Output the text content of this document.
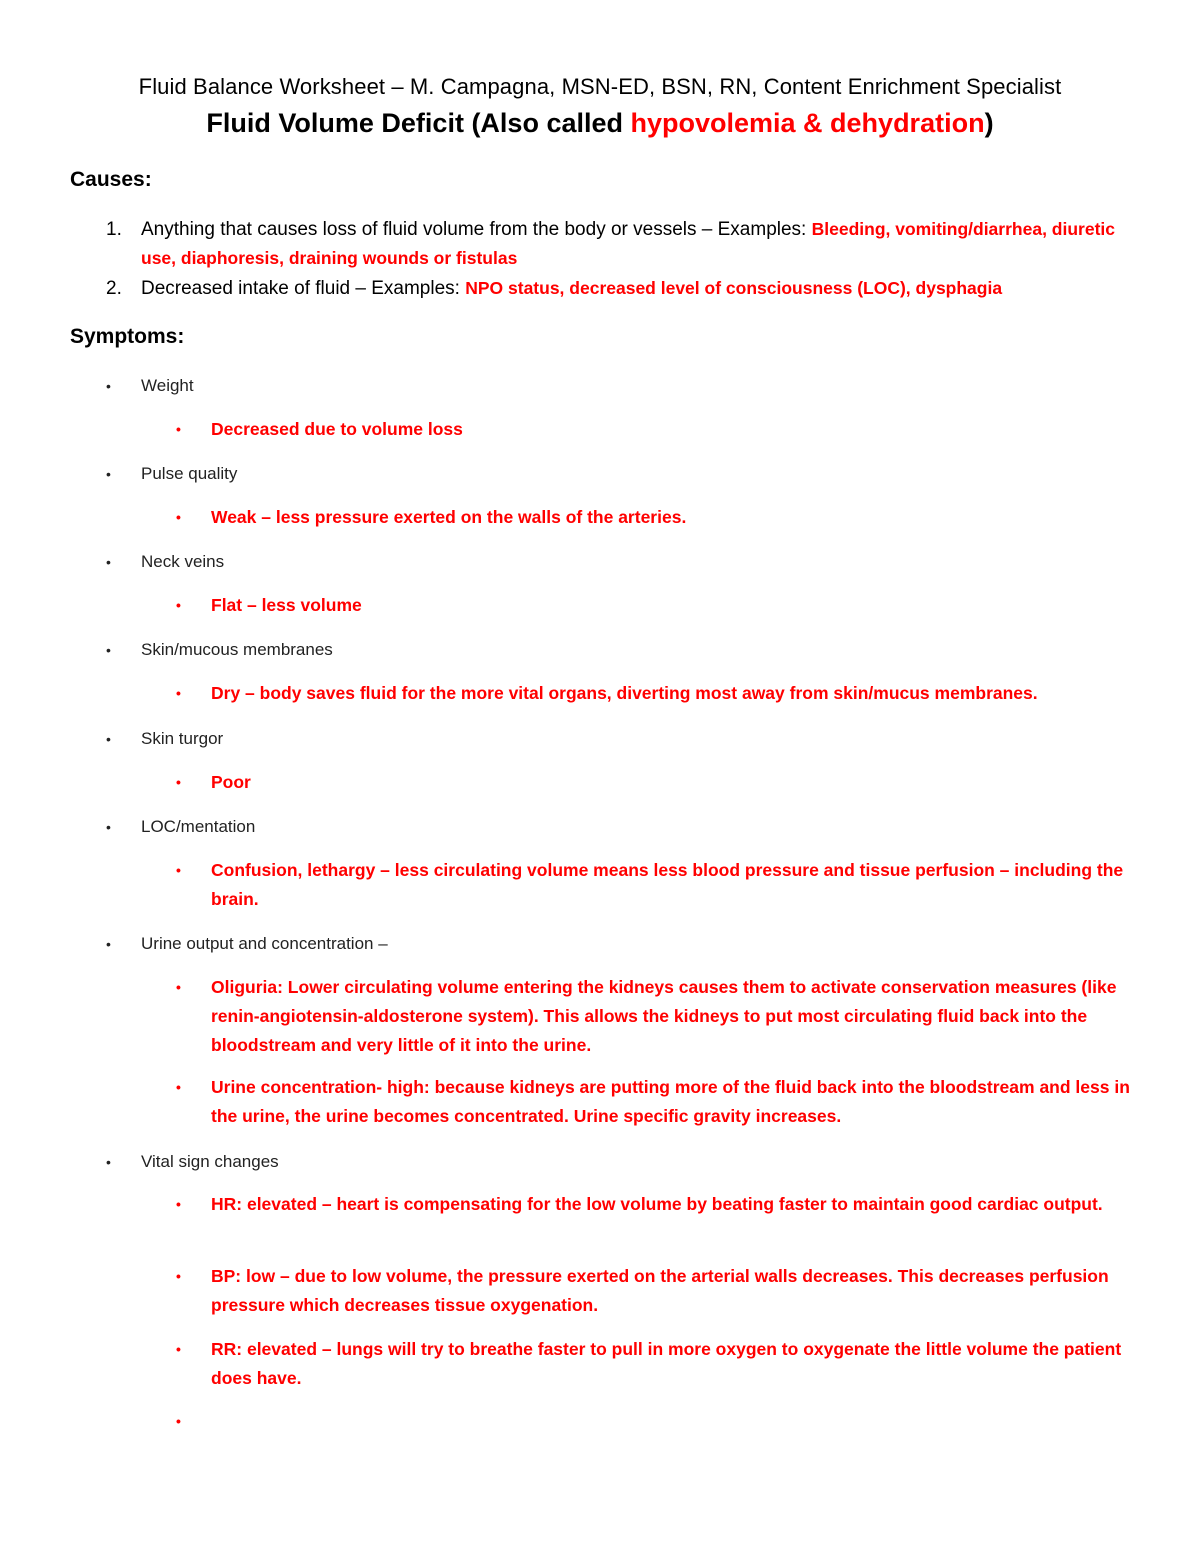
Fluid Balance Worksheet – M. Campagna, MSN-ED, BSN, RN, Content Enrichment Specialist
Fluid Volume Deficit (Also called hypovolemia & dehydration)
Causes:
1. Anything that causes loss of fluid volume from the body or vessels – Examples: Bleeding, vomiting/diarrhea, diuretic use, diaphoresis, draining wounds or fistulas
2. Decreased intake of fluid – Examples: NPO status, decreased level of consciousness (LOC), dysphagia
Symptoms:
• Weight
• Decreased due to volume loss
• Pulse quality
• Weak – less pressure exerted on the walls of the arteries.
• Neck veins
• Flat – less volume
• Skin/mucous membranes
• Dry – body saves fluid for the more vital organs, diverting most away from skin/mucus membranes.
• Skin turgor
• Poor
• LOC/mentation
• Confusion, lethargy – less circulating volume means less blood pressure and tissue perfusion – including the brain.
• Urine output and concentration –
• Oliguria: Lower circulating volume entering the kidneys causes them to activate conservation measures (like renin-angiotensin-aldosterone system). This allows the kidneys to put most circulating fluid back into the bloodstream and very little of it into the urine.
• Urine concentration- high: because kidneys are putting more of the fluid back into the bloodstream and less in the urine, the urine becomes concentrated. Urine specific gravity increases.
• Vital sign changes
• HR: elevated – heart is compensating for the low volume by beating faster to maintain good cardiac output.
• BP: low – due to low volume, the pressure exerted on the arterial walls decreases. This decreases perfusion pressure which decreases tissue oxygenation.
• RR: elevated – lungs will try to breathe faster to pull in more oxygen to oxygenate the little volume the patient does have.
•
